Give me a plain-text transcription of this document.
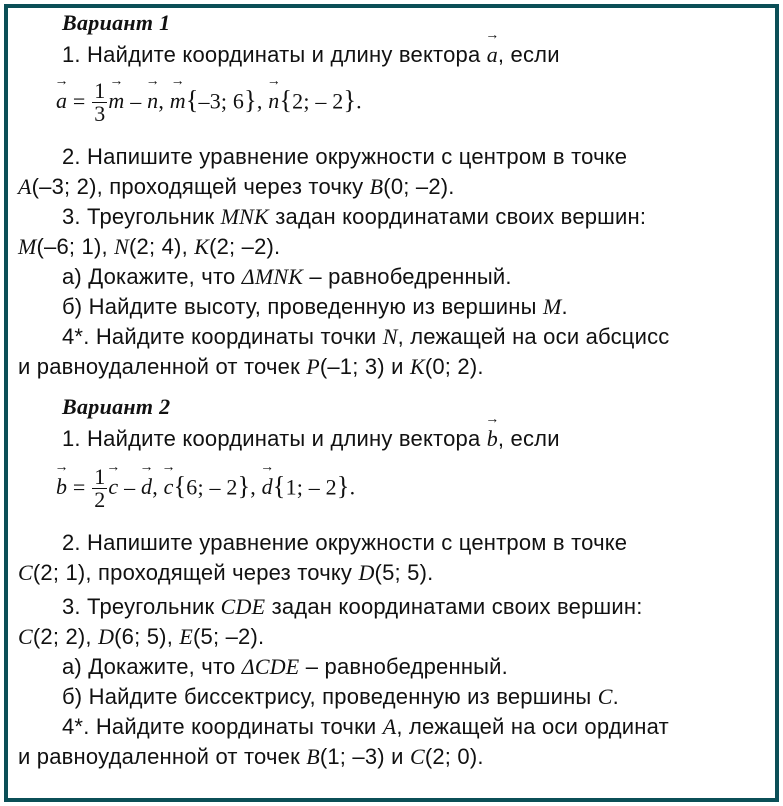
Вариант 1
1. Найдите координаты и длину вектора
→
a, если
→
$a = \frac{1}{3}$ →
m –
→
n,
→
m{–3; 6},
→
n{2; – 2}.
2. Напишите уравнение окружности с центром в точке
A(–3; 2), проходящей через точку B(0; –2).
3. Треугольник MNK задан координатами своих вершин:
M(–6; 1), N(2; 4), K(2; –2).
а) Докажите, что ΔMNK – равнобедренный.
б) Найдите высоту, проведенную из вершины M.
4*. Найдите координаты точки N, лежащей на оси абсцисс
и равноудаленной от точек P(–1; 3) и K(0; 2).
Вариант 2
1. Найдите координаты и длину вектора
→
b, если
→
$b = \frac{1}{2}$
→
c –
→
d,
→
c{6; – 2},
→
d{1; – 2}.
2. Напишите уравнение окружности с центром в точке
C(2; 1), проходящей через точку D(5; 5).
3. Треугольник CDE задан координатами своих вершин:
C(2; 2), D(6; 5), E(5; –2).
а) Докажите, что ΔCDE – равнобедренный.
б) Найдите биссектрису, проведенную из вершины C.
4*. Найдите координаты точки A, лежащей на оси ординат
и равноудаленной от точек B(1; –3) и C(2; 0).
